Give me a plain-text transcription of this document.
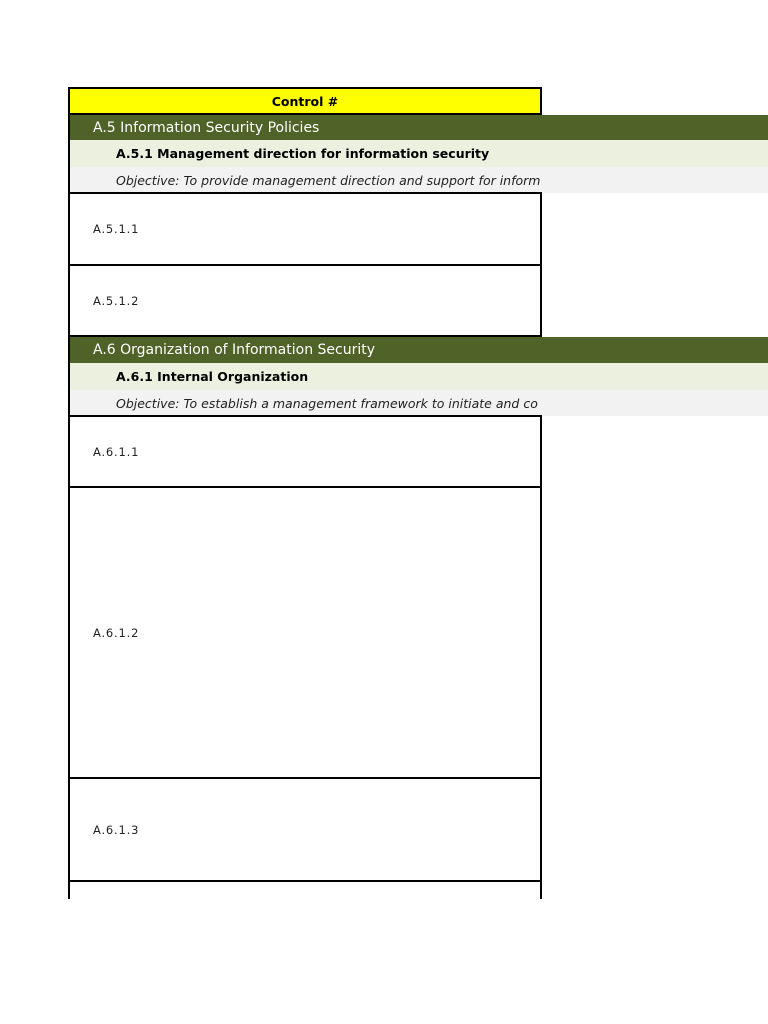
Control #
A.5 Information Security Policies
A.5.1 Management direction for information security
Objective: To provide management direction and support for inform
A.5.1.1
A.5.1.2
A.6 Organization of Information Security
A.6.1 Internal Organization
Objective: To establish a management framework to initiate and co
A.6.1.1
A.6.1.2
A.6.1.3
